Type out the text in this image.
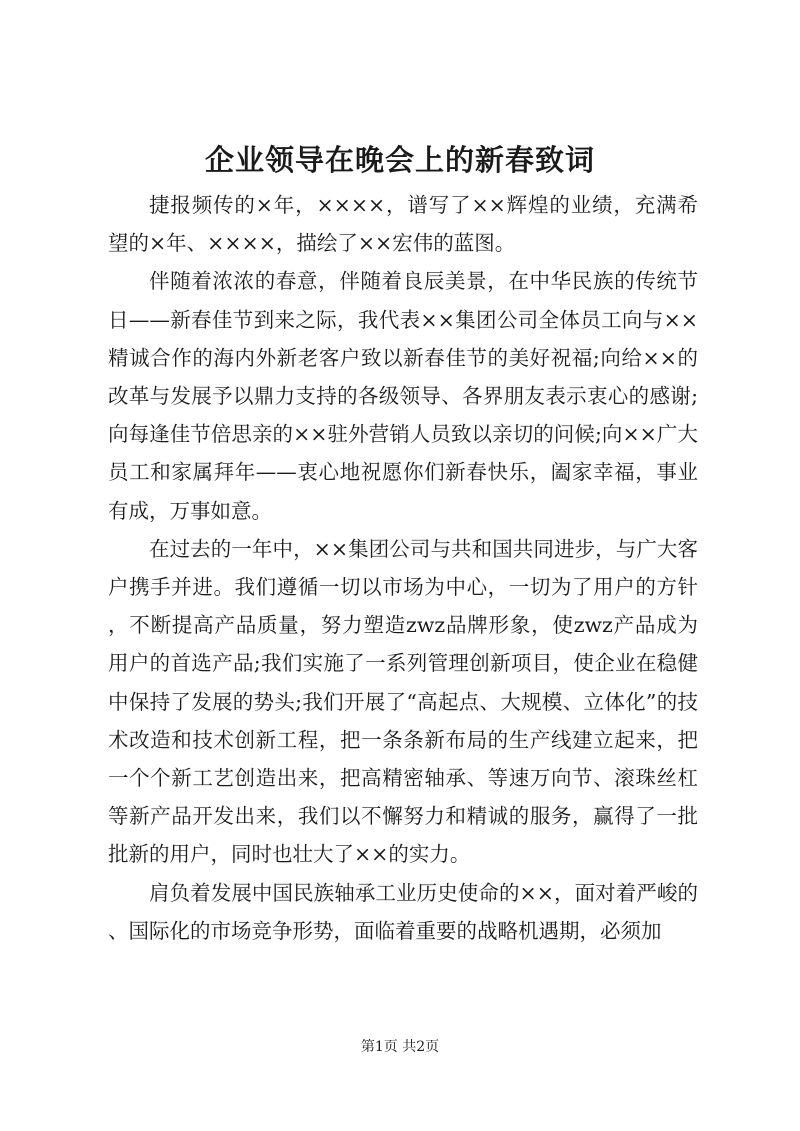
企业领导在晚会上的新春致词

捷报频传的×年，××××，谱写了××辉煌的业绩，充满希望的×年、××××，描绘了××宏伟的蓝图。

伴随着浓浓的春意，伴随着良辰美景，在中华民族的传统节日——新春佳节到来之际，我代表××集团公司全体员工向与××精诚合作的海内外新老客户致以新春佳节的美好祝福;向给××的改革与发展予以鼎力支持的各级领导、各界朋友表示衷心的感谢;向每逢佳节倍思亲的××驻外营销人员致以亲切的问候;向××广大员工和家属拜年——衷心地祝愿你们新春快乐，阖家幸福，事业有成，万事如意。

在过去的一年中，××集团公司与共和国共同进步，与广大客户携手并进。我们遵循一切以市场为中心，一切为了用户的方针，不断提高产品质量，努力塑造zwz品牌形象，使zwz产品成为用户的首选产品;我们实施了一系列管理创新项目，使企业在稳健中保持了发展的势头;我们开展了“高起点、大规模、立体化”的技术改造和技术创新工程，把一条条新布局的生产线建立起来，把一个个新工艺创造出来，把高精密轴承、等速万向节、滚珠丝杠等新产品开发出来，我们以不懈努力和精诚的服务，赢得了一批批新的用户，同时也壮大了××的实力。

肩负着发展中国民族轴承工业历史使命的××，面对着严峻的、国际化的市场竞争形势，面临着重要的战略机遇期，必须加

第1页 共2页
